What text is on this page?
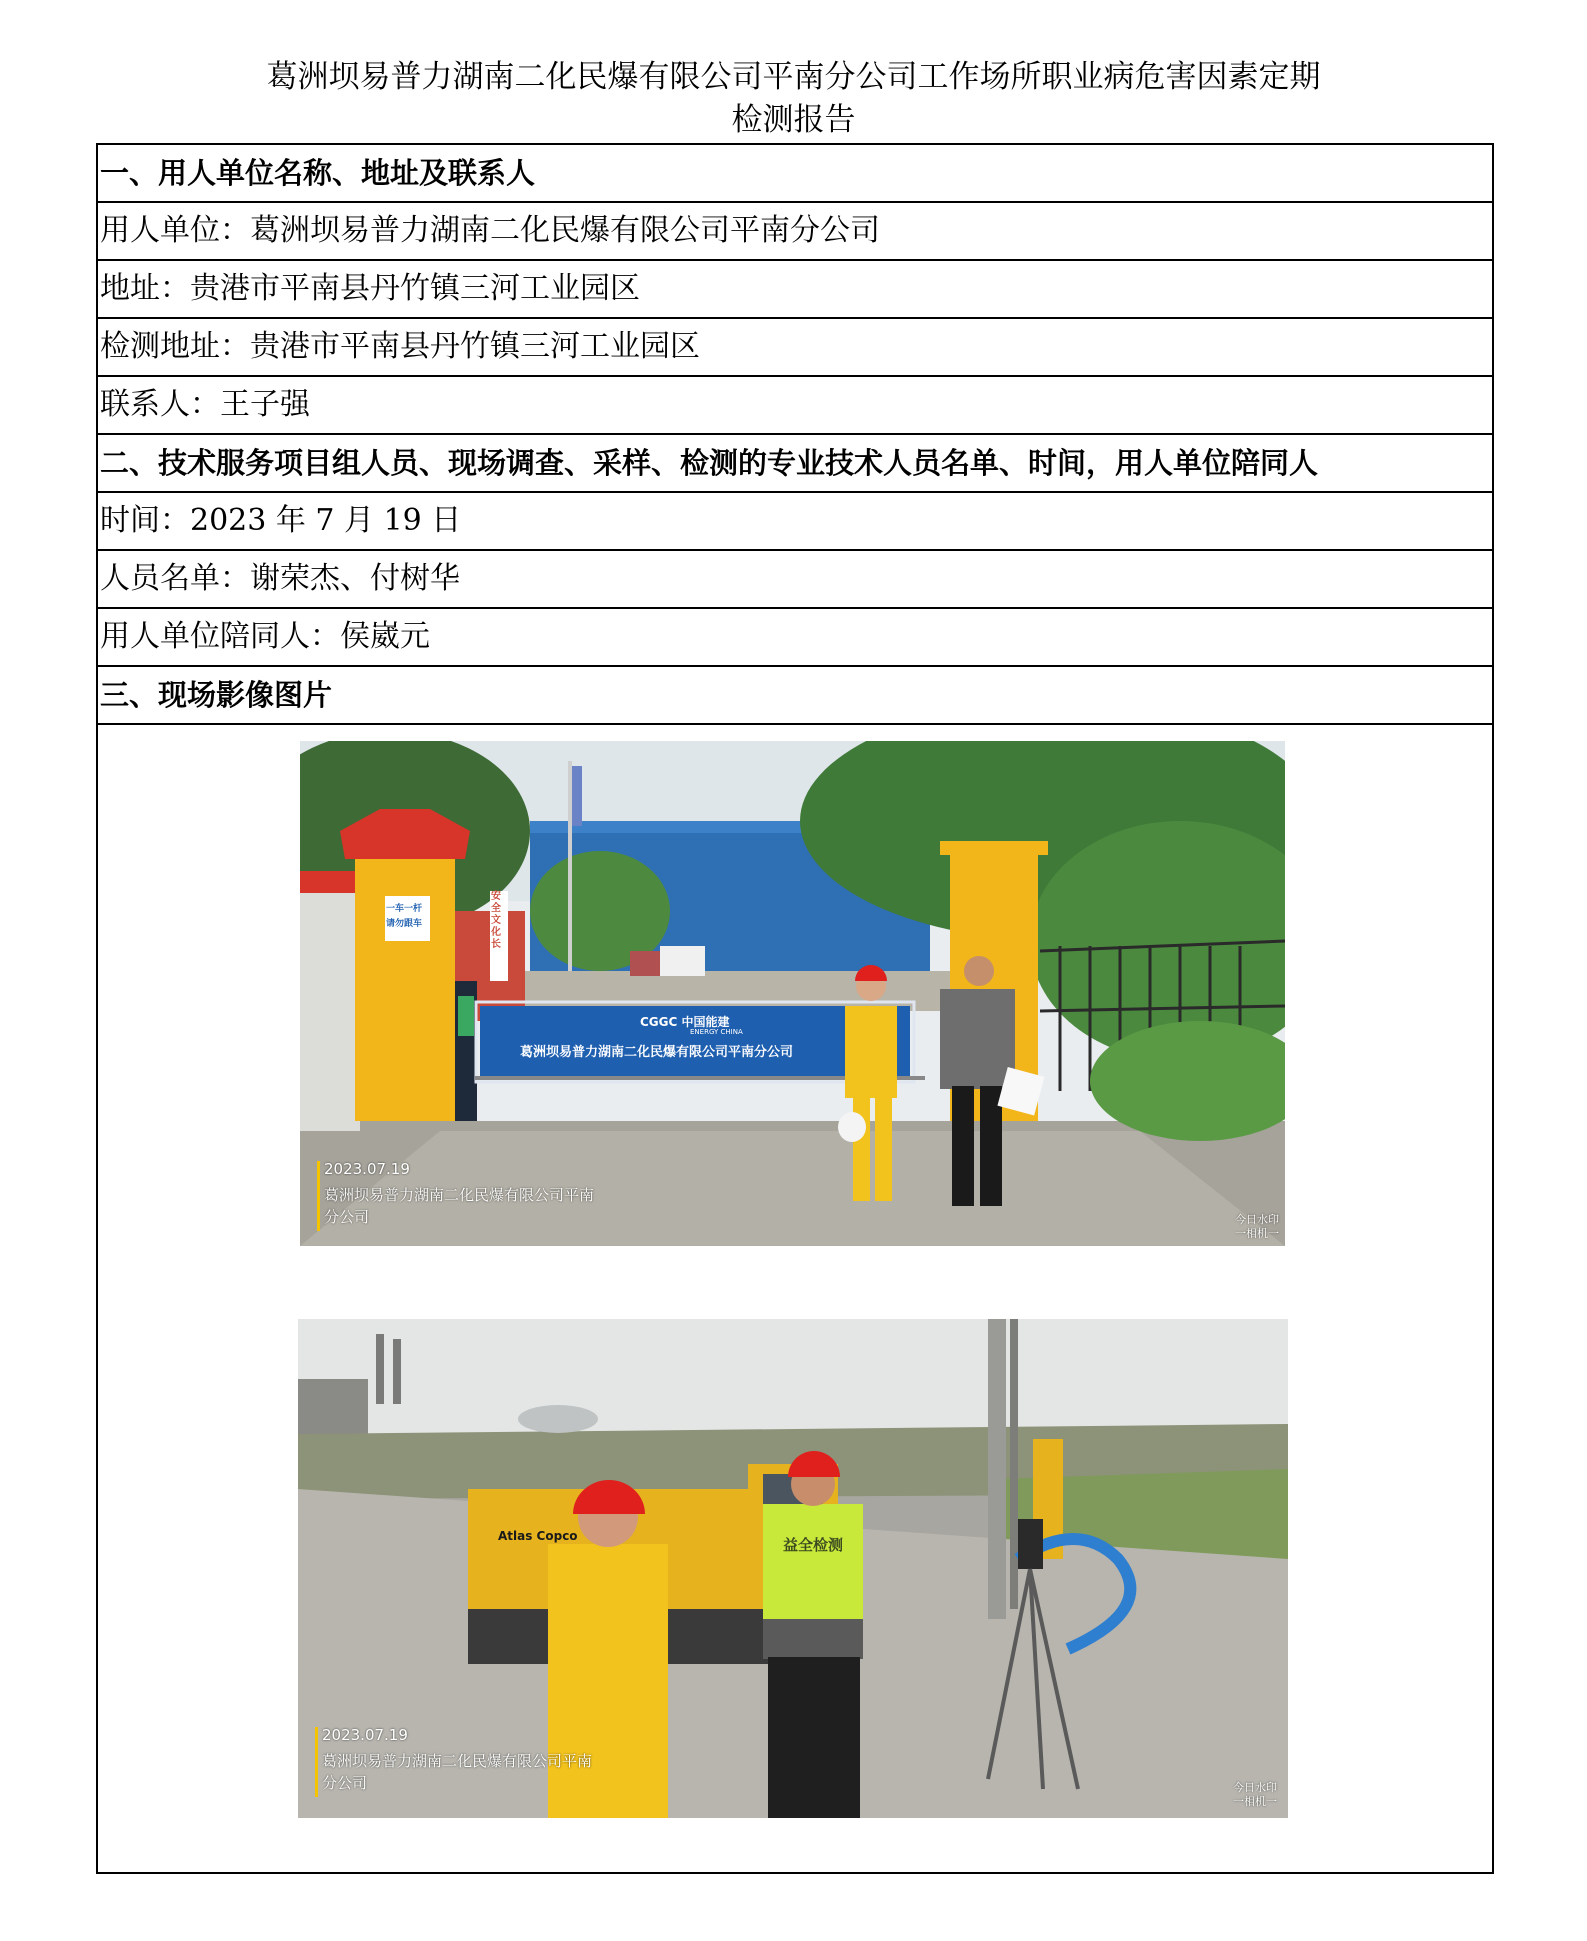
葛洲坝易普力湖南二化民爆有限公司平南分公司工作场所职业病危害因素定期
检测报告
一、用人单位名称、地址及联系人
用人单位：葛洲坝易普力湖南二化民爆有限公司平南分公司
地址：贵港市平南县丹竹镇三河工业园区
检测地址：贵港市平南县丹竹镇三河工业园区
联系人：王子强
二、技术服务项目组人员、现场调查、采样、检测的专业技术人员名单、时间，用人单位陪同人
时间：2023 年 7 月 19 日
人员名单：谢荣杰、付树华
用人单位陪同人：侯崴元
三、现场影像图片
葛洲坝易普力湖南二化民爆有限公司平南分公司
CGGC 中国能建
ENERGY CHINA
一车一杆
请勿跟车
安全文化长
2023.07.19
葛洲坝易普力湖南二化民爆有限公司平南
分公司	今日水印
一相机一
益全检测
Atlas Copco
2023.07.19
葛洲坝易普力湖南二化民爆有限公司平南
分公司	今日水印
一相机一
